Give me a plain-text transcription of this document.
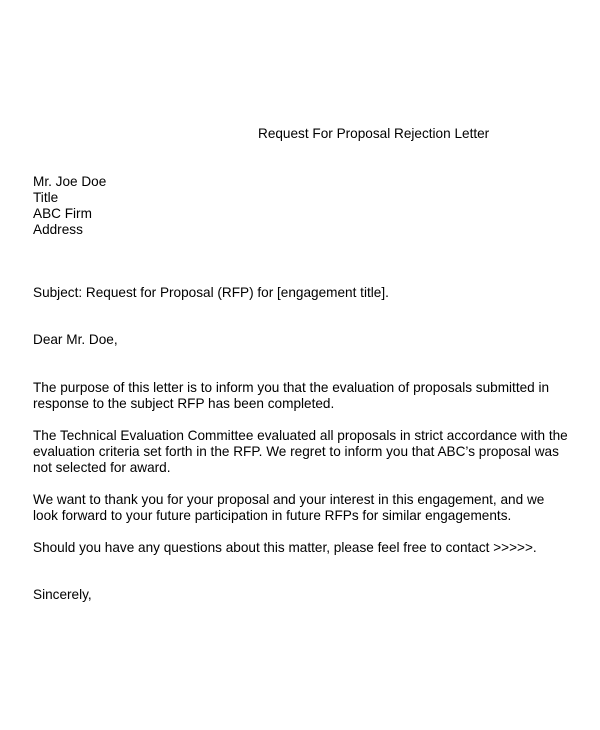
Request For Proposal Rejection Letter
Mr. Joe Doe
Title
ABC Firm
Address
Subject: Request for Proposal (RFP) for [engagement title].
Dear Mr. Doe,
The purpose of this letter is to inform you that the evaluation of proposals submitted in
response to the subject RFP has been completed.
The Technical Evaluation Committee evaluated all proposals in strict accordance with the
evaluation criteria set forth in the RFP. We regret to inform you that ABC’s proposal was
not selected for award.
We want to thank you for your proposal and your interest in this engagement, and we
look forward to your future participation in future RFPs for similar engagements.
Should you have any questions about this matter, please feel free to contact >>>>>.
Sincerely,
